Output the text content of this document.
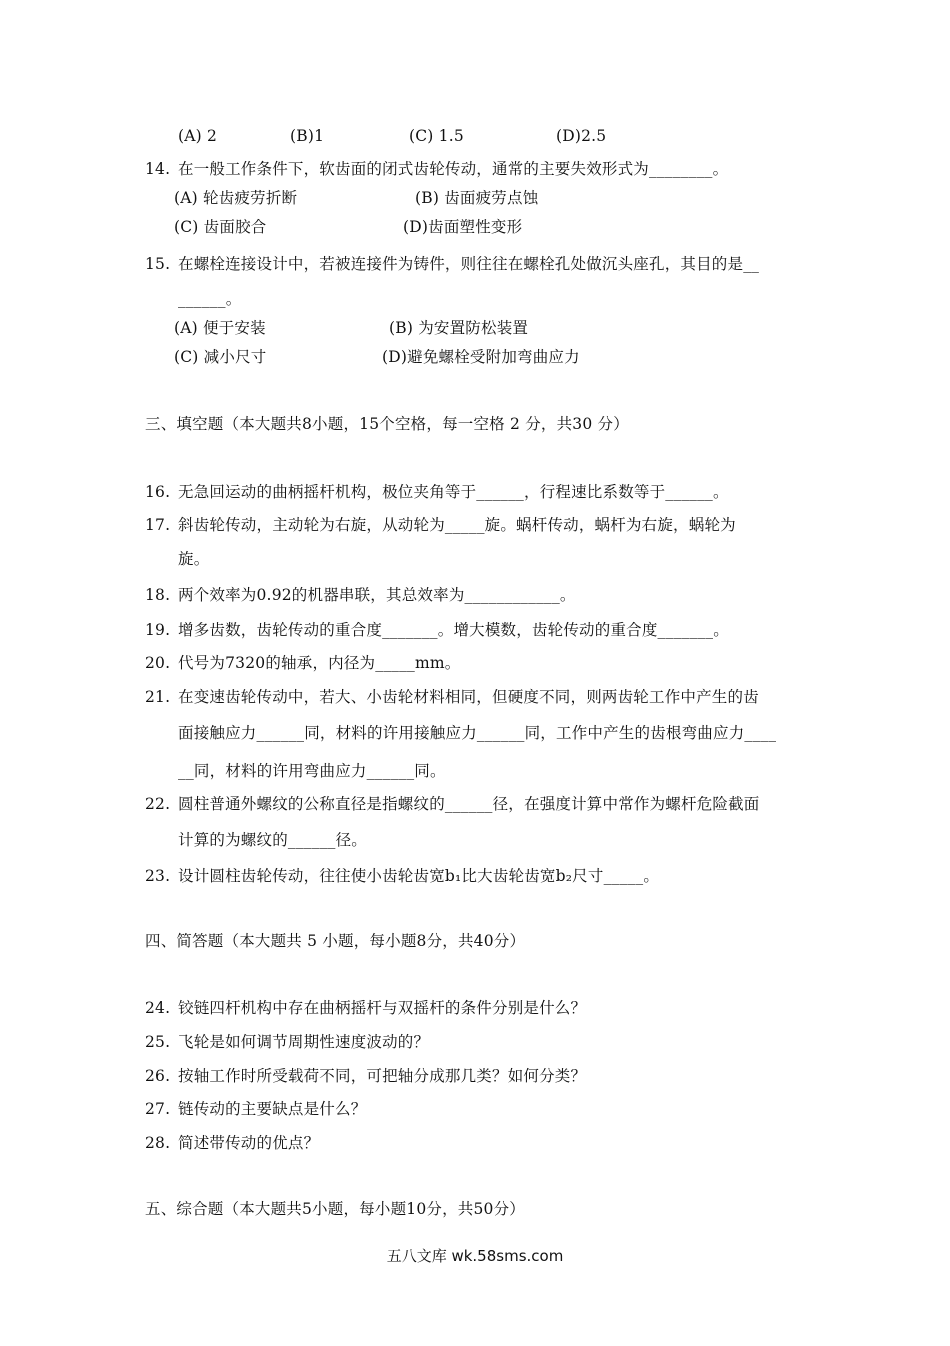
(A) 2	(B)1	(C) 1.5	(D)2.5
14. 在一般工作条件下，软齿面的闭式齿轮传动，通常的主要失效形式为________。
(A) 轮齿疲劳折断	(B) 齿面疲劳点蚀
(C) 齿面胶合	(D)齿面塑性变形
15. 在螺栓连接设计中，若被连接件为铸件，则往往在螺栓孔处做沉头座孔，其目的是__
______。
(A) 便于安装	(B) 为安置防松装置
(C) 减小尺寸	(D)避免螺栓受附加弯曲应力
三、填空题（本大题共8小题，15个空格，每一空格 2 分，共30 分）
16. 无急回运动的曲柄摇杆机构，极位夹角等于______，行程速比系数等于______。
17. 斜齿轮传动，主动轮为右旋，从动轮为_____旋。蜗杆传动，蜗杆为右旋，蜗轮为
旋。
18. 两个效率为0.92的机器串联，其总效率为____________。
19. 增多齿数，齿轮传动的重合度_______。增大模数，齿轮传动的重合度_______。
20. 代号为7320的轴承，内径为_____mm。
21. 在变速齿轮传动中，若大、小齿轮材料相同，但硬度不同，则两齿轮工作中产生的齿
面接触应力______同，材料的许用接触应力______同，工作中产生的齿根弯曲应力____
__同，材料的许用弯曲应力______同。
22. 圆柱普通外螺纹的公称直径是指螺纹的______径，在强度计算中常作为螺杆危险截面
计算的为螺纹的______径。
23. 设计圆柱齿轮传动，往往使小齿轮齿宽b₁比大齿轮齿宽b₂尺寸_____。
四、简答题（本大题共 5 小题，每小题8分，共40分）
24. 铰链四杆机构中存在曲柄摇杆与双摇杆的条件分别是什么？
25. 飞轮是如何调节周期性速度波动的？
26. 按轴工作时所受载荷不同，可把轴分成那几类？如何分类？
27. 链传动的主要缺点是什么？
28. 简述带传动的优点？
五、综合题（本大题共5小题，每小题10分，共50分）
五八文库 wk.58sms.com
